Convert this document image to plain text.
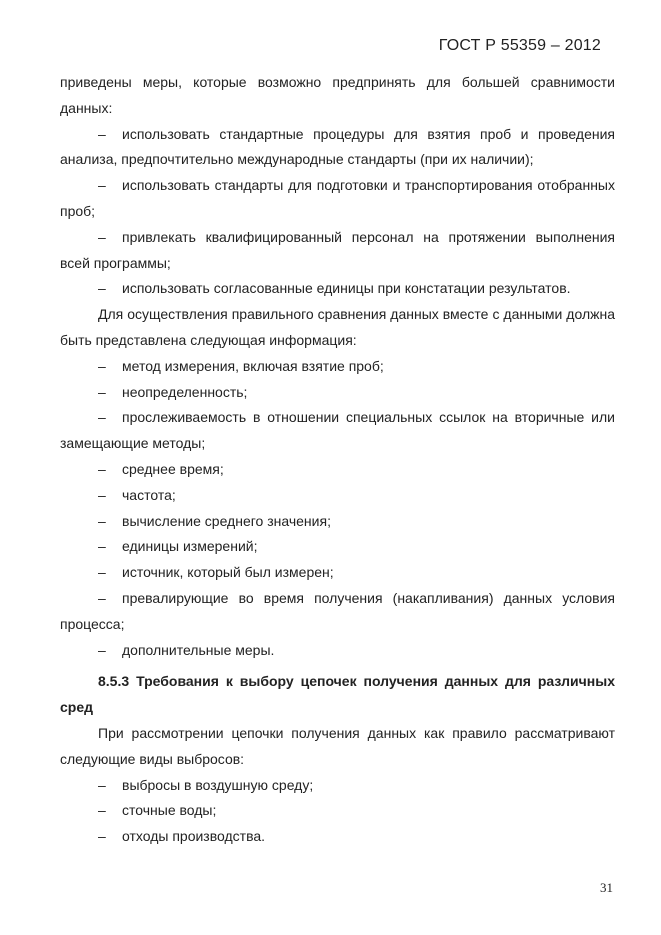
ГОСТ Р 55359 – 2012
приведены меры, которые возможно предпринять для большей сравнимости данных:
– использовать стандартные процедуры для взятия проб и проведения анализа, предпочтительно международные стандарты (при их наличии);
– использовать стандарты для подготовки и транспортирования отобранных проб;
– привлекать квалифицированный персонал на протяжении выполнения всей программы;
– использовать согласованные единицы при констатации результатов.
Для осуществления правильного сравнения данных вместе с данными должна быть представлена следующая информация:
– метод измерения, включая взятие проб;
– неопределенность;
– прослеживаемость в отношении специальных ссылок на вторичные или замещающие методы;
– среднее время;
– частота;
– вычисление среднего значения;
– единицы измерений;
– источник, который был измерен;
– превалирующие во время получения (накапливания) данных условия процесса;
– дополнительные меры.
8.5.3 Требования к выбору цепочек получения данных для различных сред
При рассмотрении цепочки получения данных как правило рассматривают следующие виды выбросов:
– выбросы в воздушную среду;
– сточные воды;
– отходы производства.
31
